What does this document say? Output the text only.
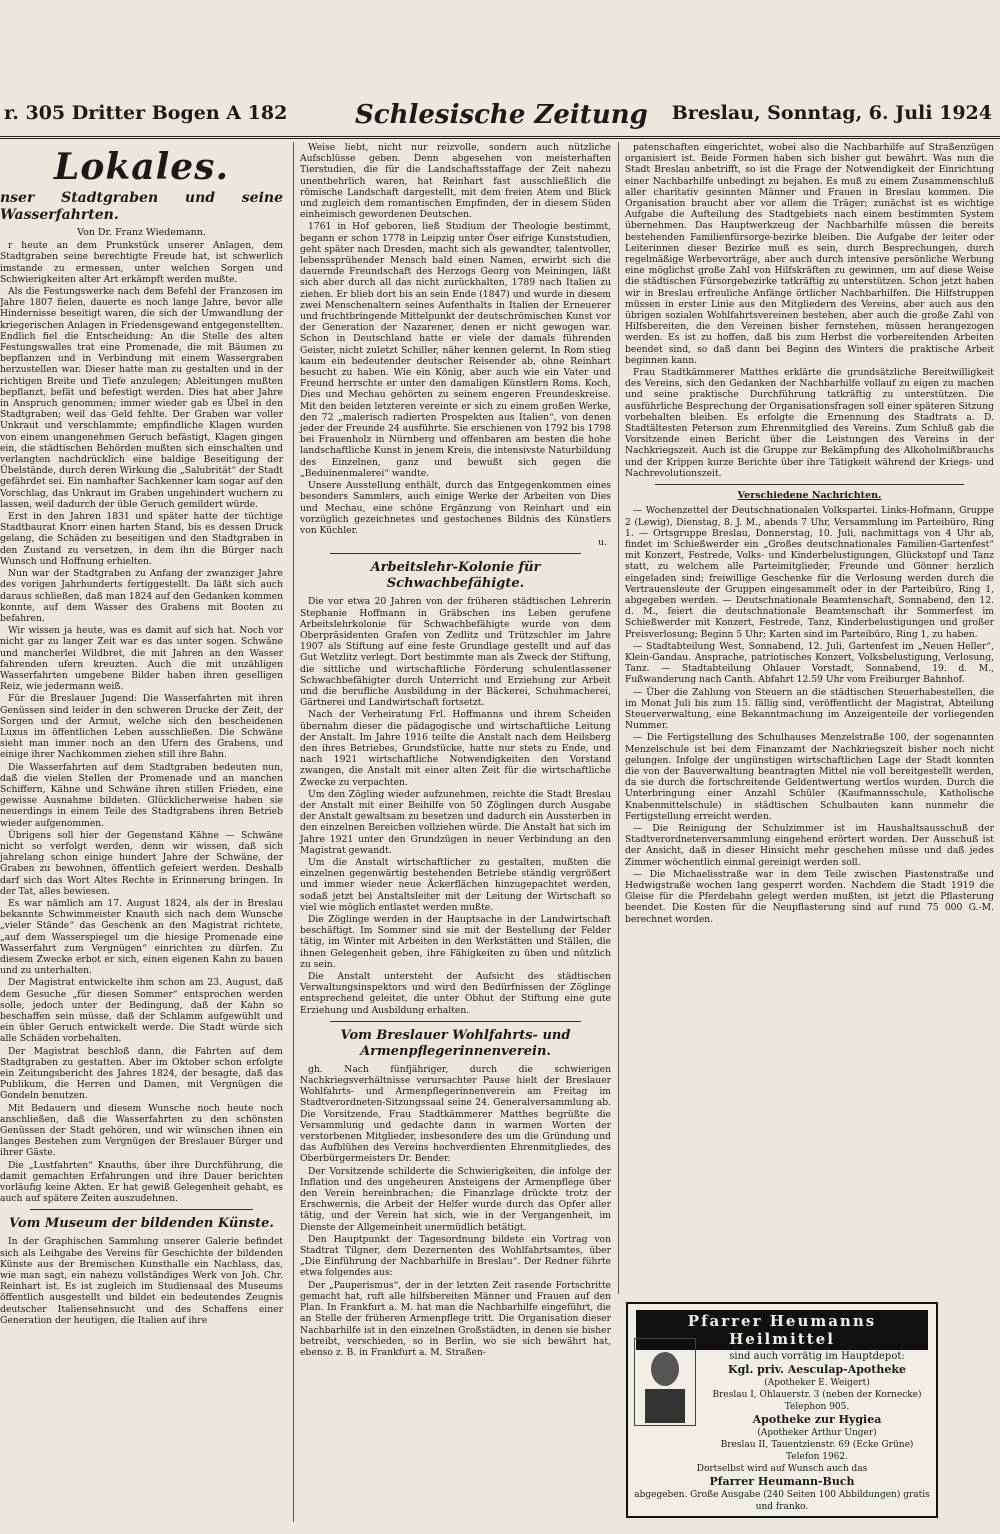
r. 305 Dritter Bogen A 182	Schlesische Zeitung Breslau, Sonntag, 6. Juli 1924
Lokales.
nser Stadtgraben und seine Wasserfahrten.
Von Dr. Franz Wiedemann.

r heute an dem Prunkstück unserer Anlagen, dem Stadtgraben seine berechtigte Freude hat, ist schwerlich imstande zu ermessen, unter welchen Sorgen und Schwierigkeiten alter Art erkämpft werden mußte.

Als die Festungswerke nach dem Befehl der Franzosen im Jahre 1807 fielen, dauerte es noch lange Jahre, bevor alle Hindernisse beseitigt waren, die sich der Umwandlung der kriegerischen Anlagen in Friedensgewand entgegenstellten. Endlich fiel die Entscheidung: An die Stelle des alten Festungswalles trat eine Promenade, die mit Bäumen zu bepflanzen und in Verbindung mit einem Wassergraben herzustellen war. Dieser hatte man zu gestalten und in der richtigen Breite und Tiefe anzulegen; Ableitungen mußten bepflanzt, befät und befestigt werden. Dies hat aber Jahre in Anspruch genommen; immer wieder gab es Übel in den Stadtgraben; weil das Geld fehlte. Der Graben war voller Unkraut und verschlammte; empfindliche Klagen wurden von einem unangenehmen Geruch befästigt, Klagen gingen ein, die städtischen Behörden mußten sich einschalten und verlangten nachdrücklich eine baldige Beseitigung der Übelstände, durch deren Wirkung die „Salubrität“ der Stadt gefährdet sei. Ein namhafter Sachkenner kam sogar auf den Vorschlag, das Unkraut im Graben ungehindert wuchern zu lassen, weil dadurch der üble Geruch gemildert würde.

Erst in den Jahren 1831 und später hatte der tüchtige Stadtbaurat Knorr einen harten Stand, bis es dessen Druck gelang, die Schäden zu beseitigen und den Stadtgraben in den Zustand zu versetzen, in dem ihn die Bürger nach Wunsch und Hoffnung erhielten.

Nun war der Stadtgraben zu Anfang der zwanziger Jahre des vorigen Jahrhunderts fertiggestellt. Da läßt sich auch daraus schließen, daß man 1824 auf den Gedanken kommen konnte, auf dem Wasser des Grabens mit Booten zu befahren.

Wir wissen ja heute, was es damit auf sich hat. Noch vor nicht gar zu langer Zeit war es das unter sogen. Schwäne und mancherlei Wildbret, die mit Jahren an den Wasser fahrenden ufern kreuzten. Auch die mit unzähligen Wasserfahrten umgebene Bilder haben ihren geselligen Reiz, wie jedermann weiß.

Für die Breslauer Jugend: Die Wasserfahrten mit ihren Genüssen sind leider in den schweren Drucke der Zeit, der Sorgen und der Armut, welche sich den bescheidenen Luxus im öffentlichen Leben ausschließen. Die Schwäne sieht man immer noch an den Ufern des Grabens, und einige ihrer Nachkommen ziehen still ihre Bahn.

Die Wasserfahrten auf dem Stadtgraben bedeuten nun, daß die vielen Stellen der Promenade und an manchen Schiffern, Kähne und Schwäne ihren stillen Frieden, eine gewisse Ausnahme bildeten. Glücklicherweise haben sie neuerdings in einem Teile des Stadtgrabens ihren Betrieb wieder aufgenommen.

Übrigens soll hier der Gegenstand Kähne — Schwäne nicht so verfolgt werden, denn wir wissen, daß sich jahrelang schon einige hundert Jahre der Schwäne, der Graben zu bewohnen, öffentlich gefeiert werden. Deshalb darf sich das Wort Altes Rechte in Erinnerung bringen. In der Tat, alles bewiesen.

Es war nämlich am 17. August 1824, als der in Breslau bekannte Schwimmeister Knauth sich nach dem Wunsche „vieler Stände“ das Geschenk an den Magistrat richtete, „auf dem Wasserspiegel um die hiesige Promenade eine Wasserfahrt zum Vergnügen“ einrichten zu dürfen. Zu diesem Zwecke erbot er sich, einen eigenen Kahn zu bauen und zu unterhalten.

Der Magistrat entwickelte ihm schon am 23. August, daß dem Gesuche „für diesen Sommer“ entsprochen werden solle, jedoch unter der Bedingung, daß der Kahn so beschaffen sein müsse, daß der Schlamm aufgewühlt und ein übler Geruch entwickelt werde. Die Stadt würde sich alle Schäden vorbehalten.

Der Magistrat beschloß dann, die Fahrten auf dem Stadtgraben zu gestatten. Aber im Oktober schon erfolgte ein Zeitungsbericht des Jahres 1824, der besagte, daß das Publikum, die Herren und Damen, mit Vergnügen die Gondeln benutzen.

Mit Bedauern und diesem Wunsche noch heute noch anschließen, daß die Wasserfahrten zu den schönsten Genüssen der Stadt gehören, und wir wünschen ihnen ein langes Bestehen zum Vergnügen der Breslauer Bürger und ihrer Gäste.

Die „Lustfahrten“ Knauths, über ihre Durchführung, die damit gemachten Erfahrungen und ihre Dauer berichten vorläufig keine Akten. Er hat gewiß Gelegenheit gehabt, es auch auf spätere Zeiten auszudehnen.

Vom Museum der bildenden Künste.

In der Graphischen Sammlung unserer Galerie befindet sich als Leihgabe des Vereins für Geschichte der bildenden Künste aus der Bremischen Kunsthalle ein Nachlass, das, wie man sagt, ein nahezu vollständiges Werk von Joh. Chr. Reinhart ist. Es ist zugleich im Studiensaal des Museums öffentlich ausgestellt und bildet ein bedeutendes Zeugnis deutscher Italiensehnsucht und des Schaffens einer Generation der heutigen, die Italien auf ihre

Weise liebt, nicht nur reizvolle, sondern auch nützliche Aufschlüsse geben. Denn abgesehen von meisterhaften Tierstudien, die für die Landschaftsstaffage der Zeit nahezu unentbehrlich waren, hat Reinhart fast ausschließlich die römische Landschaft dargestellt, mit dem freien Atem und Blick und zugleich dem romantischen Empfinden, der in diesem Süden einheimisch gewordenen Deutschen.

1761 in Hof geboren, ließ Studium der Theologie bestimmt, begann er schon 1778 in Leipzig unter Öser eifrige Kunststudien, geht später nach Dresden, macht sich als gewandter, talentvoller, lebenssprühender Mensch bald einen Namen, erwirbt sich die dauernde Freundschaft des Herzogs Georg von Meiningen, läßt sich aber durch all das nicht zurückhalten, 1789 nach Italien zu ziehen. Er blieb dort bis an sein Ende (1847) und wurde in diesem zwei Menschenaltern seines Aufenthalts in Italien der Erneuerer und fruchtbringende Mittelpunkt der deutschrömischen Kunst vor der Generation der Nazarener, denen er nicht gewogen war. Schon in Deutschland hatte er viele der damals führenden Geister, nicht zuletzt Schiller, näher kennen gelernt. In Rom stieg kaum ein bedeutender deutscher Reisender ab, ohne Reinhart besucht zu haben. Wie ein König, aber auch wie ein Vater und Freund herrschte er unter den damaligen Künstlern Roms. Koch, Dies und Mechau gehörten zu seinem engeren Freundeskreise. Mit den beiden letzteren vereinte er sich zu einem großen Werke, den 72 „malerisch radierten Prospekten aus Italien“, von denen jeder der Freunde 24 ausführte. Sie erschienen von 1792 bis 1798 bei Frauenholz in Nürnberg und offenbaren am besten die hohe landschaftliche Kunst in jenem Kreis, die intensivste Naturbildung des Einzelnen, ganz und bewußt sich gegen die „Beduinenmalerei“ wandte.

Unsere Ausstellung enthält, durch das Entgegenkommen eines besonders Sammlers, auch einige Werke der Arbeiten von Dies und Mechau, eine schöne Ergänzung von Reinhart und ein vorzüglich gezeichnetes und gestochenes Bildnis des Künstlers von Küchler.

u.
Arbeitslehr-Kolonie für Schwachbefähigte.

Die vor etwa 20 Jahren von der früheren städtischen Lehrerin Stephanie Hoffmann in Gräbschen ins Leben gerufene Arbeitslehrkolonie für Schwachbefähigte wurde von dem Oberpräsidenten Grafen von Zedlitz und Trützschler im Jahre 1907 als Stiftung auf eine feste Grundlage gestellt und auf das Gut Wetzlitz verlegt. Dort bestimmte man als Zweck der Stiftung, die sittliche und wirtschaftliche Förderung schulentlassener Schwachbefähigter durch Unterricht und Erziehung zur Arbeit und die berufliche Ausbildung in der Bäckerei, Schuhmacherei, Gärtnerei und Landwirtschaft fortsetzt.

Nach der Verheiratung Frl. Hoffmanns und ihrem Scheiden übernahm dieser die pädagogische und wirtschaftliche Leitung der Anstalt. Im Jahre 1916 teilte die Anstalt nach dem Heilsberg den ihres Betriebes, Grundstücke, hatte nur stets zu Ende, und nach 1921 wirtschaftliche Notwendigkeiten den Vorstand zwangen, die Anstalt mit einer alten Zeit für die wirtschaftliche Zwecke zu verpachten.

Um den Zögling wieder aufzunehmen, reichte die Stadt Breslau der Anstalt mit einer Beihilfe von 50 Zöglingen durch Ausgabe der Anstalt gewaltsam zu besetzen und dadurch ein Aussterben in den einzelnen Bereichen vollziehen würde. Die Anstalt hat sich im Jahre 1921 unter den Grundzügen in neuer Verbindung an den Magistrat gewandt.

Um die Anstalt wirtschaftlicher zu gestalten, mußten die einzelnen gegenwärtig bestehenden Betriebe ständig vergrößert und immer wieder neue Äckerflächen hinzugepachtet werden, sodaß jetzt bei Anstaltsleiter mit der Leitung der Wirtschaft so viel wie möglich entlastet werden mußte.

Die Zöglinge werden in der Hauptsache in der Landwirtschaft beschäftigt. Im Sommer sind sie mit der Bestellung der Felder tätig, im Winter mit Arbeiten in den Werkstätten und Ställen, die ihnen Gelegenheit geben, ihre Fähigkeiten zu üben und nützlich zu sein.

Die Anstalt untersteht der Aufsicht des städtischen Verwaltungsinspektors und wird den Bedürfnissen der Zöglinge entsprechend geleitet, die unter Obhut der Stiftung eine gute Erziehung und Ausbildung erhalten.

Vom Breslauer Wohlfahrts- und Armenpflegerinnenverein.

gh. Nach fünfjähriger, durch die schwierigen Nachkriegsverhältnisse verursachter Pause hielt der Breslauer Wohlfahrts- und Armenpflegerinnenverein am Freitag im Stadtverordneten-Sitzungssaal seine 24. Generalversammlung ab. Die Vorsitzende, Frau Stadtkämmerer Matthes begrüßte die Versammlung und gedachte dann in warmen Worten der verstorbenen Mitglieder, insbesondere des um die Gründung und das Aufblühen des Vereins hochverdienten Ehrenmitgliedes, des Oberbürgermeisters Dr. Bender.

Der Vorsitzende schilderte die Schwierigkeiten, die infolge der Inflation und des ungeheuren Ansteigens der Armenpflege über den Verein hereinbrachen; die Finanzlage drückte trotz der Erschwernis, die Arbeit der Helfer wurde durch das Opfer aller tätig, und der Verein hat sich, wie in der Vergangenheit, im Dienste der Allgemeinheit unermüdlich betätigt.

Den Hauptpunkt der Tagesordnung bildete ein Vortrag von Stadtrat Tilgner, dem Dezernenten des Wohlfahrtsamtes, über „Die Einführung der Nachbarhilfe in Breslau“. Der Redner führte etwa folgendes aus:

Der „Pauperismus“, der in der letzten Zeit rasende Fortschritte gemacht hat, ruft alle hilfsbereiten Männer und Frauen auf den Plan. In Frankfurt a. M. hat man die Nachbarhilfe eingeführt, die an Stelle der früheren Armenpflege tritt. Die Organisation dieser Nachbarhilfe ist in den einzelnen Großstädten, in denen sie bisher betreibt, verschieden, so in Berlin, wo sie sich bewährt hat, ebenso z. B. in Frankfurt a. M. Straßen-

patenschaften eingerichtet, wobei also die Nachbarhilfe auf Straßenzügen organisiert ist. Beide Formen haben sich bisher gut bewährt. Was nun die Stadt Breslau anbetrifft, so ist die Frage der Notwendigkeit der Einrichtung einer Nachbarhilfe unbedingt zu bejahen. Es muß zu einem Zusammenschluß aller charitativ gesinnten Männer und Frauen in Breslau kommen. Die Organisation braucht aber vor allem die Träger; zunächst ist es wichtige Aufgabe die Aufteilung des Stadtgebiets nach einem bestimmten System übernehmen. Das Hauptwerkzeug der Nachbarhilfe müssen die bereits bestehenden Familienfürsorge-bezirke bleiben. Die Aufgabe der leiter oder Leiterinnen dieser Bezirke muß es sein, durch Besprechungen, durch regelmäßige Werbevorträge, aber auch durch intensive persönliche Werbung eine möglichst große Zahl von Hilfskräften zu gewinnen, um auf diese Weise die städtischen Fürsorgebezirke tatkräftig zu unterstützen. Schon jetzt haben wir in Breslau erfreuliche Anfänge örtlicher Nachbarhilfen. Die Hilfstruppen müssen in erster Linie aus den Mitgliedern des Vereins, aber auch aus den übrigen sozialen Wohlfahrtsvereinen bestehen, aber auch die große Zahl von Hilfsbereiten, die den Vereinen bisher fernstehen, müssen herangezogen werden. Es ist zu hoffen, daß bis zum Herbst die vorbereitenden Arbeiten beendet sind, so daß dann bei Beginn des Winters die praktische Arbeit beginnen kann.

Frau Stadtkämmerer Matthes erklärte die grundsätzliche Bereitwilligkeit des Vereins, sich den Gedanken der Nachbarhilfe vollauf zu eigen zu machen und seine praktische Durchführung tatkräftig zu unterstützen. Die ausführliche Besprechung der Organisationsfragen soll einer späteren Sitzung vorbehalten bleiben. Es erfolgte die Ernennung des Stadtrats a. D. Stadtältesten Peterson zum Ehrenmitglied des Vereins. Zum Schluß gab die Vorsitzende einen Bericht über die Leistungen des Vereins in der Nachkriegszeit. Auch ist die Gruppe zur Bekämpfung des Alkoholmißbrauchs und der Krippen kurze Berichte über ihre Tätigkeit während der Kriegs- und Nachrevolutionszeit.

Verschiedene Nachrichten.

— Wochenzettel der Deutschnationalen Volkspartei. Links-Hofmann, Gruppe 2 (Lewig), Dienstag, 8. J. M., abends 7 Uhr, Versammlung im Parteibüro, Ring 1. — Ortsgruppe Breslau, Donnerstag, 10. Juli, nachmittags von 4 Uhr ab, findet im Schießwerder ein „Großes deutschnationales Familien-Gartenfest“ mit Konzert, Festrede, Volks- und Kinderbelustigungen, Glückstopf und Tanz statt, zu welchem alle Parteimitglieder, Freunde und Gönner herzlich eingeladen sind; freiwillige Geschenke für die Verlosung werden durch die Vertrauensleute der Gruppen eingesammelt oder in der Parteibüro, Ring 1, abgegeben werden. — Deutschnationale Beamtenschaft, Sonnabend, den 12. d. M., feiert die deutschnationale Beamtenschaft ihr Sommerfest im Schießwerder mit Konzert, Festrede, Tanz, Kinderbelustigungen und großer Preisverlosung; Beginn 5 Uhr; Karten sind im Parteibüro, Ring 1, zu haben.

— Stadtabteilung West, Sonnabend, 12. Juli, Gartenfest im „Neuen Heller“, Klein-Gandau. Ansprache, patriotisches Konzert, Volksbelustigung, Verlosung, Tanz. — Stadtabteilung Ohlauer Vorstadt, Sonnabend, 19. d. M., Fußwanderung nach Canth. Abfahrt 12.59 Uhr vom Freiburger Bahnhof.

— Über die Zahlung von Steuern an die städtischen Steuerhabestellen, die im Monat Juli bis zum 15. fällig sind, veröffentlicht der Magistrat, Abteilung Steuerverwaltung, eine Bekanntmachung im Anzeigenteile der vorliegenden Nummer.

— Die Fertigstellung des Schulhauses Menzelstraße 100, der sogenannten Menzelschule ist bei dem Finanzamt der Nachkriegszeit bisher noch nicht gelungen. Infolge der ungünstigen wirtschaftlichen Lage der Stadt konnten die von der Bauverwaltung beantragten Mittel nie voll bereitgestellt werden, da sie durch die fortschreitende Geldentwertung wertlos wurden. Durch die Unterbringung einer Anzahl Schüler (Kaufmannsschule, Katholische Knabenmittelschule) in städtischen Schulbauten kann nunmehr die Fertigstellung erreicht werden.

— Die Reinigung der Schulzimmer ist im Haushaltsausschuß der Stadtverordnetenversammlung eingehend erörtert worden. Der Ausschuß ist der Ansicht, daß in dieser Hinsicht mehr geschehen müsse und daß jedes Zimmer wöchentlich einmal gereinigt werden soll.

— Die Michaelisstraße war in dem Teile zwischen Piastenstraße und Hedwigstraße wochen lang gesperrt worden. Nachdem die Stadt 1919 die Gleise für die Pferdebahn gelegt werden mußten, ist jetzt die Pflasterung beendet. Die Kosten für die Neupflasterung sind auf rund 75 000 G.-M. berechnet worden.

Pfarrer Heumanns Heilmittel
sind auch vorrätig im Hauptdepot:
Kgl. priv. Aesculap-Apotheke
(Apotheker E. Weigert)
Breslau I, Ohlauerstr. 3 (neben der Kornecke)
Telephon 905.
Apotheke zur Hygiea
(Apotheker Arthur Unger)
Breslau II, Tauentzienstr. 69 (Ecke Grüne)
Telefon 1962.
Dortselbst wird auf Wunsch auch das
Pfarrer Heumann-Buch
abgegeben. Große Ausgabe (240 Seiten 100 Abbildungen) gratis und franko.
